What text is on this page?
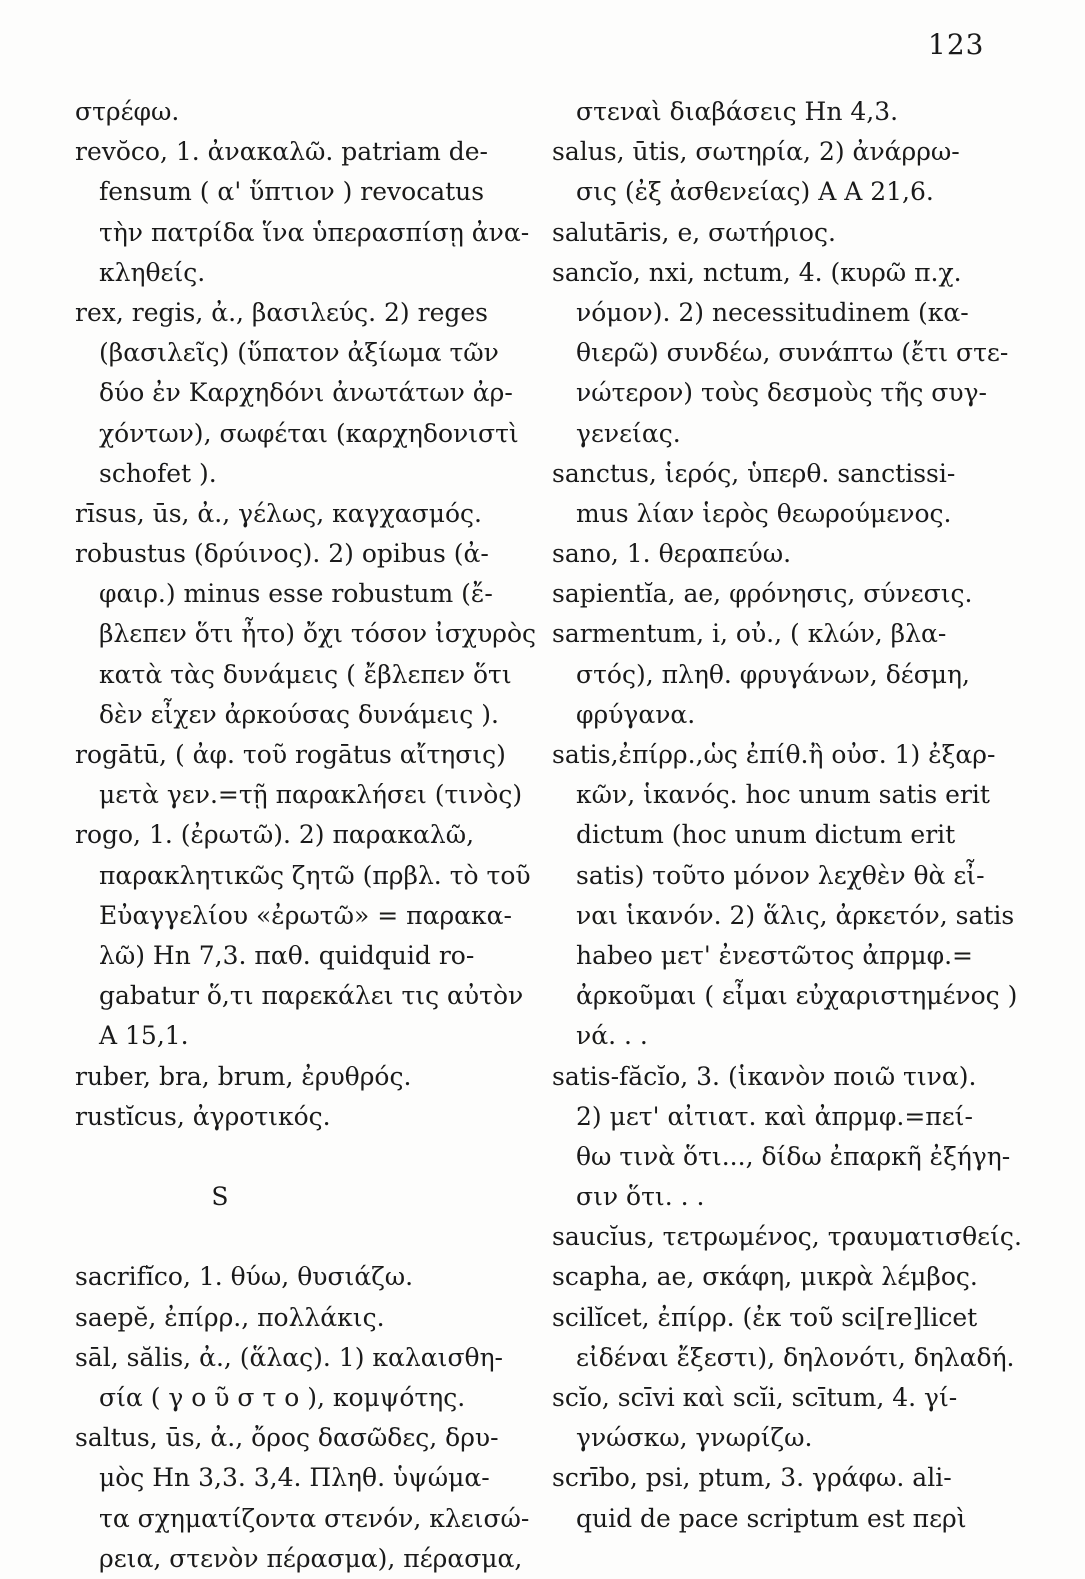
123
στρέφω.
revŏco, 1. ἀνακαλῶ. patriam de-
fensum ( α' ὕπτιον ) revocatus
τὴν πατρίδα ἵνα ὑπερασπίσῃ ἀνα-
κληθείς.
rex, regis, ἀ., βασιλεύς. 2) reges
(βασιλεῖς) (ὕπατον ἀξίωμα τῶν
δύο ἐν Καρχηδόνι ἀνωτάτων ἀρ-
χόντων), σωφέται (καρχηδονιστὶ
schofet ).
rīsus, ūs, ἀ., γέλως, καγχασμός.
robustus (δρύινος). 2) opibus (ἀ-
φαιρ.) minus esse robustum (ἔ-
βλεπεν ὅτι ἦτο) ὄχι τόσον ἰσχυρὸς
κατὰ τὰς δυνάμεις ( ἔβλεπεν ὅτι
δὲν εἶχεν ἀρκούσας δυνάμεις ).
rogātū, ( ἀφ. τοῦ rogātus αἴτησις)
μετὰ γεν.=τῇ παρακλήσει (τινὸς)
rogo, 1. (ἐρωτῶ). 2) παρακαλῶ,
παρακλητικῶς ζητῶ (πρβλ. τὸ τοῦ
Εὐαγγελίου «ἐρωτῶ» = παρακα-
λῶ) Ηn 7,3. παθ. quidquid ro-
gabatur ὅ,τι παρεκάλει τις αὐτὸν
A 15,1.
ruber, bra, brum, ἐρυθρός.
rustĭcus, ἀγροτικός.
S
sacrifĭco, 1. θύω, θυσιάζω.
saepĕ, ἐπίρρ., πολλάκις.
sāl, sălis, ἀ., (ἅλας). 1) καλαισθη-
σία ( γ ο ῦ σ τ ο ), κομψότης.
saltus, ūs, ἀ., ὄρος δασῶδες, δρυ-
μὸς Ηn 3,3. 3,4. Πληθ. ὑψώμα-
τα σχηματίζοντα στενόν, κλεισώ-
ρεια, στενὸν πέρασμα), πέρασμα,
στεναὶ διαβάσεις Ηn 4,3.
salus, ūtis, σωτηρία, 2) ἀνάρρω-
σις (ἐξ ἀσθενείας) A A 21,6.
salutāris, e, σωτήριος.
sancĭo, nxi, nctum, 4. (κυρῶ π.χ.
νόμον). 2) necessitudinem (κα-
θιερῶ) συνδέω, συνάπτω (ἔτι στε-
νώτερον) τοὺς δεσμοὺς τῆς συγ-
γενείας.
sanctus, ἱερός, ὑπερθ. sanctissi-
mus λίαν ἱερὸς θεωρούμενος.
sano, 1. θεραπεύω.
sapientĭa, ae, φρόνησις, σύνεσις.
sarmentum, i, οὐ., ( κλών, βλα-
στός), πληθ. φρυγάνων, δέσμη,
φρύγανα.
satis,ἐπίρρ.,ὡς ἐπίθ.ἢ οὐσ. 1) ἐξαρ-
κῶν, ἱκανός. hoc unum satis erit
dictum (hoc unum dictum erit
satis) τοῦτο μόνον λεχθὲν θὰ εἶ-
ναι ἱκανόν. 2) ἅλις, ἀρκετόν, satis
habeo μετ' ἐνεστῶτος ἀπρμφ.=
ἀρκοῦμαι ( εἶμαι εὐχαριστημένος )
νά. . .
satis-făcĭo, 3. (ἱκανὸν ποιῶ τινα).
2) μετ' αἰτιατ. καὶ ἀπρμφ.=πεί-
θω τινὰ ὅτι..., δίδω ἐπαρκῆ ἐξήγη-
σιν ὅτι. . .
saucĭus, τετρωμένος, τραυματισθείς.
scapha, ae, σκάφη, μικρὰ λέμβος.
scilĭcet, ἐπίρρ. (ἐκ τοῦ sci[re]licet
εἰδέναι ἔξεστι), δηλονότι, δηλαδή.
scĭo, scīvi καὶ scĭi, scītum, 4. γί-
γνώσκω, γνωρίζω.
scrībo, psi, ptum, 3. γράφω. ali-
quid de pace scriptum est περὶ
